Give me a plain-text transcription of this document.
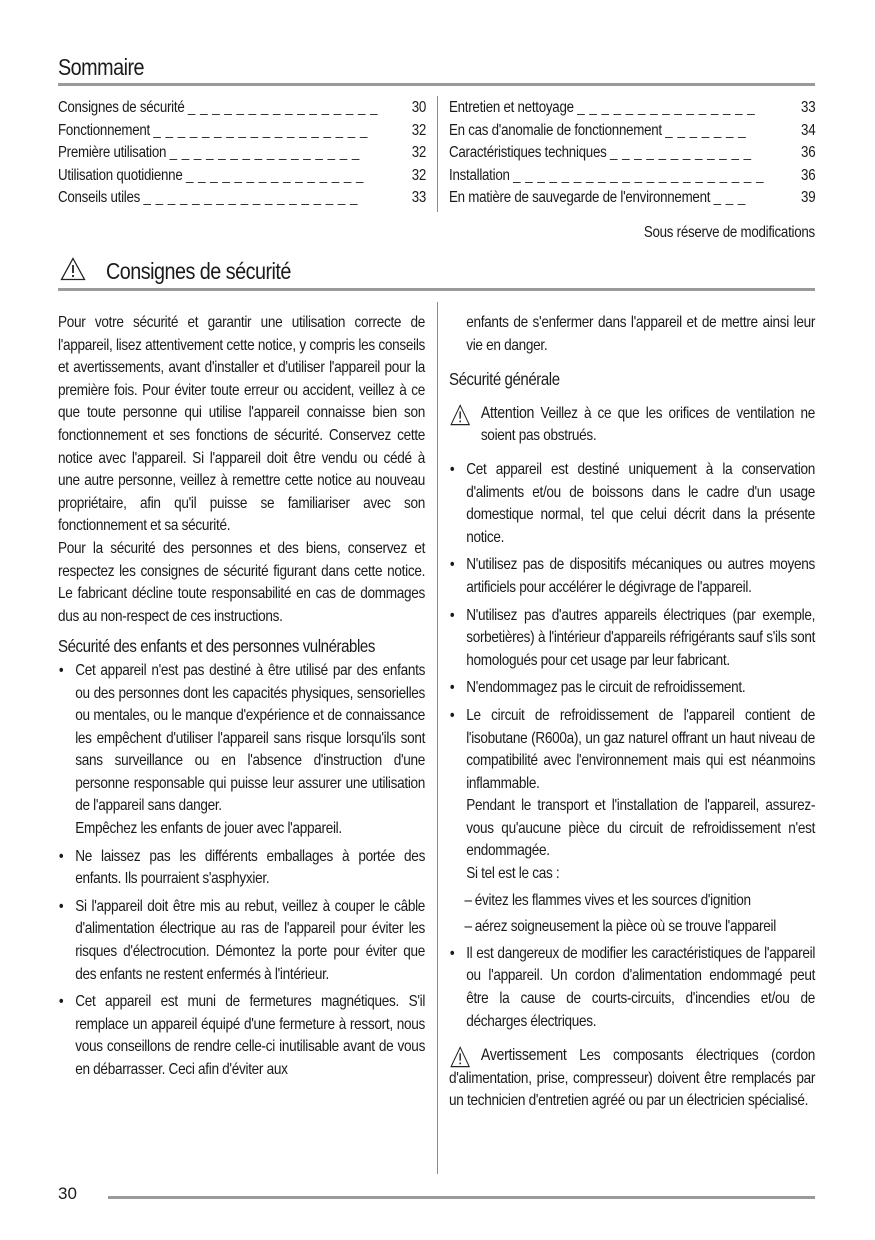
Sommaire
Consignes de sécurité _ _ _ _ _ _ _ _ _ _ _ _ _ _ _ _	30
Fonctionnement _ _ _ _ _ _ _ _ _ _ _ _ _ _ _ _ _ _	32
Première utilisation _ _ _ _ _ _ _ _ _ _ _ _ _ _ _ _	32
Utilisation quotidienne _ _ _ _ _ _ _ _ _ _ _ _ _ _ _	32
Conseils utiles _ _ _ _ _ _ _ _ _ _ _ _ _ _ _ _ _ _	33
Entretien et nettoyage _ _ _ _ _ _ _ _ _ _ _ _ _ _ _	33
En cas d'anomalie de fonctionnement _ _ _ _ _ _ _	34
Caractéristiques techniques _ _ _ _ _ _ _ _ _ _ _ _	36
Installation _ _ _ _ _ _ _ _ _ _ _ _ _ _ _ _ _ _ _ _ _	36
En matière de sauvegarde de l'environnement _ _ _	39
Sous réserve de modifications
Consignes de sécurité

Pour votre sécurité et garantir une utilisation correcte de l'appareil, lisez attentivement cette notice, y compris les conseils et avertissements, avant d'installer et d'utiliser l'appareil pour la première fois. Pour éviter toute erreur ou accident, veillez à ce que toute personne qui utilise l'appareil connaisse bien son fonctionnement et ses fonctions de sécurité. Conservez cette notice avec l'appareil. Si l'appareil doit être vendu ou cédé à une autre personne, veillez à remettre cette notice au nouveau propriétaire, afin qu'il puisse se familiariser avec son fonctionnement et sa sécurité.

Pour la sécurité des personnes et des biens, conservez et respectez les consignes de sécurité figurant dans cette notice. Le fabricant décline toute responsabilité en cas de dommages dus au non-respect de ces instructions.

Sécurité des enfants et des personnes vulnérables
• Cet appareil n'est pas destiné à être utilisé par des enfants ou des personnes dont les capacités physiques, sensorielles ou mentales, ou le manque d'expérience et de connaissance les empêchent d'utiliser l'appareil sans risque lorsqu'ils sont sans surveillance ou en l'absence d'instruction d'une personne responsable qui puisse leur assurer une utilisation de l'appareil sans danger.
Empêchez les enfants de jouer avec l'appareil.
• Ne laissez pas les différents emballages à portée des enfants. Ils pourraient s'asphyxier.
• Si l'appareil doit être mis au rebut, veillez à couper le câble d'alimentation électrique au ras de l'appareil pour éviter les risques d'électrocution. Démontez la porte pour éviter que des enfants ne restent enfermés à l'intérieur.
• Cet appareil est muni de fermetures magnétiques. S'il remplace un appareil équipé d'une fermeture à ressort, nous vous conseillons de rendre celle-ci inutilisable avant de vous en débarrasser. Ceci afin d'éviter aux

enfants de s'enfermer dans l'appareil et de mettre ainsi leur vie en danger.

Sécurité générale

Attention Veillez à ce que les orifices de ventilation ne soient pas obstrués.

• Cet appareil est destiné uniquement à la conservation d'aliments et/ou de boissons dans le cadre d'un usage domestique normal, tel que celui décrit dans la présente notice.
• N'utilisez pas de dispositifs mécaniques ou autres moyens artificiels pour accélérer le dégivrage de l'appareil.
• N'utilisez pas d'autres appareils électriques (par exemple, sorbetières) à l'intérieur d'appareils réfrigérants sauf s'ils sont homologués pour cet usage par leur fabricant.
• N'endommagez pas le circuit de refroidissement.
• Le circuit de refroidissement de l'appareil contient de l'isobutane (R600a), un gaz naturel offrant un haut niveau de compatibilité avec l'environnement mais qui est néanmoins inflammable.
Pendant le transport et l'installation de l'appareil, assurez-vous qu'aucune pièce du circuit de refroidissement n'est endommagée.
Si tel est le cas :
– évitez les flammes vives et les sources d'ignition
– aérez soigneusement la pièce où se trouve l'appareil
• Il est dangereux de modifier les caractéristiques de l'appareil ou l'appareil. Un cordon d'alimentation endommagé peut être la cause de courts-circuits, d'incendies et/ou de décharges électriques.

Avertissement Les composants électriques (cordon d'alimentation, prise, compresseur) doivent être remplacés par un technicien d'entretien agréé ou par un électricien spécialisé.

30
